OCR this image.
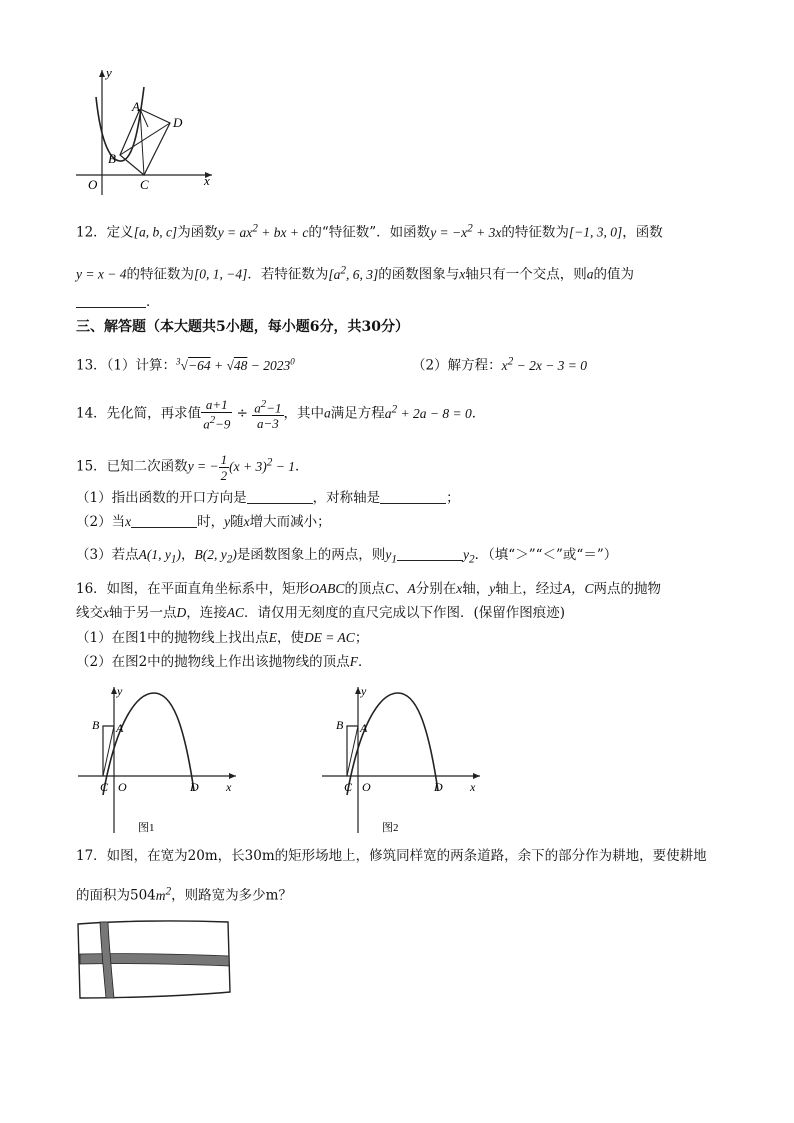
y
A
D
B
O	C	x
12．定义[a, b, c]为函数$y = ax^2$ + bx + c的“特征数”．如函数$y = -x^2 + 3x$的特征数为[−1, 3, 0]，函数
y = x − 4的特征数为[0, 1, −4]．若特征数为[$a^2$, 6, 3]的函数图象与x轴只有一个交点，则a的值为
．
三、解答题（本大题共5小题，每小题6分，共30分）
13．（1）计算：$^3√-64 + √48 - 2023^0$	（2）解方程：$x^2 - 2x - 3 = 0$
14．先化简，再求值 $\frac{a+1}{a^2-9} \div \frac{a^2-1}{a-3}$ ，其中a满足方程$a^2 + 2a - 8 = 0$．
15．已知二次函数y = − $\frac{1}{2} (x + 3)^2 - 1$．
（1）指出函数的开口方向是	，对称轴是	；
（2）当x	时，y随x增大而减小；
（3）若点A(1, $y_1$)，B(2, $y_2$)是函数图象上的两点，则$y_1$	$y_2$．（填“＞”“＜”或“＝”）
16．如图，在平面直角坐标系中，矩形OABC的顶点C、A分别在x轴，y轴上，经过A，C两点的抛物
线交x轴于另一点D，连接AC．请仅用无刻度的直尺完成以下作图．(保留作图痕迹)
（1）在图1中的抛物线上找出点E，使DE = AC；
（2）在图2中的抛物线上作出该抛物线的顶点F．
y
B A
C O	D x
图1
y
B A
C O	D x
图2
17．如图，在宽为20m，长30m的矩形场地上，修筑同样宽的两条道路，余下的部分作为耕地，要使耕地
的面积为$504m^2$，则路宽为多少m？
